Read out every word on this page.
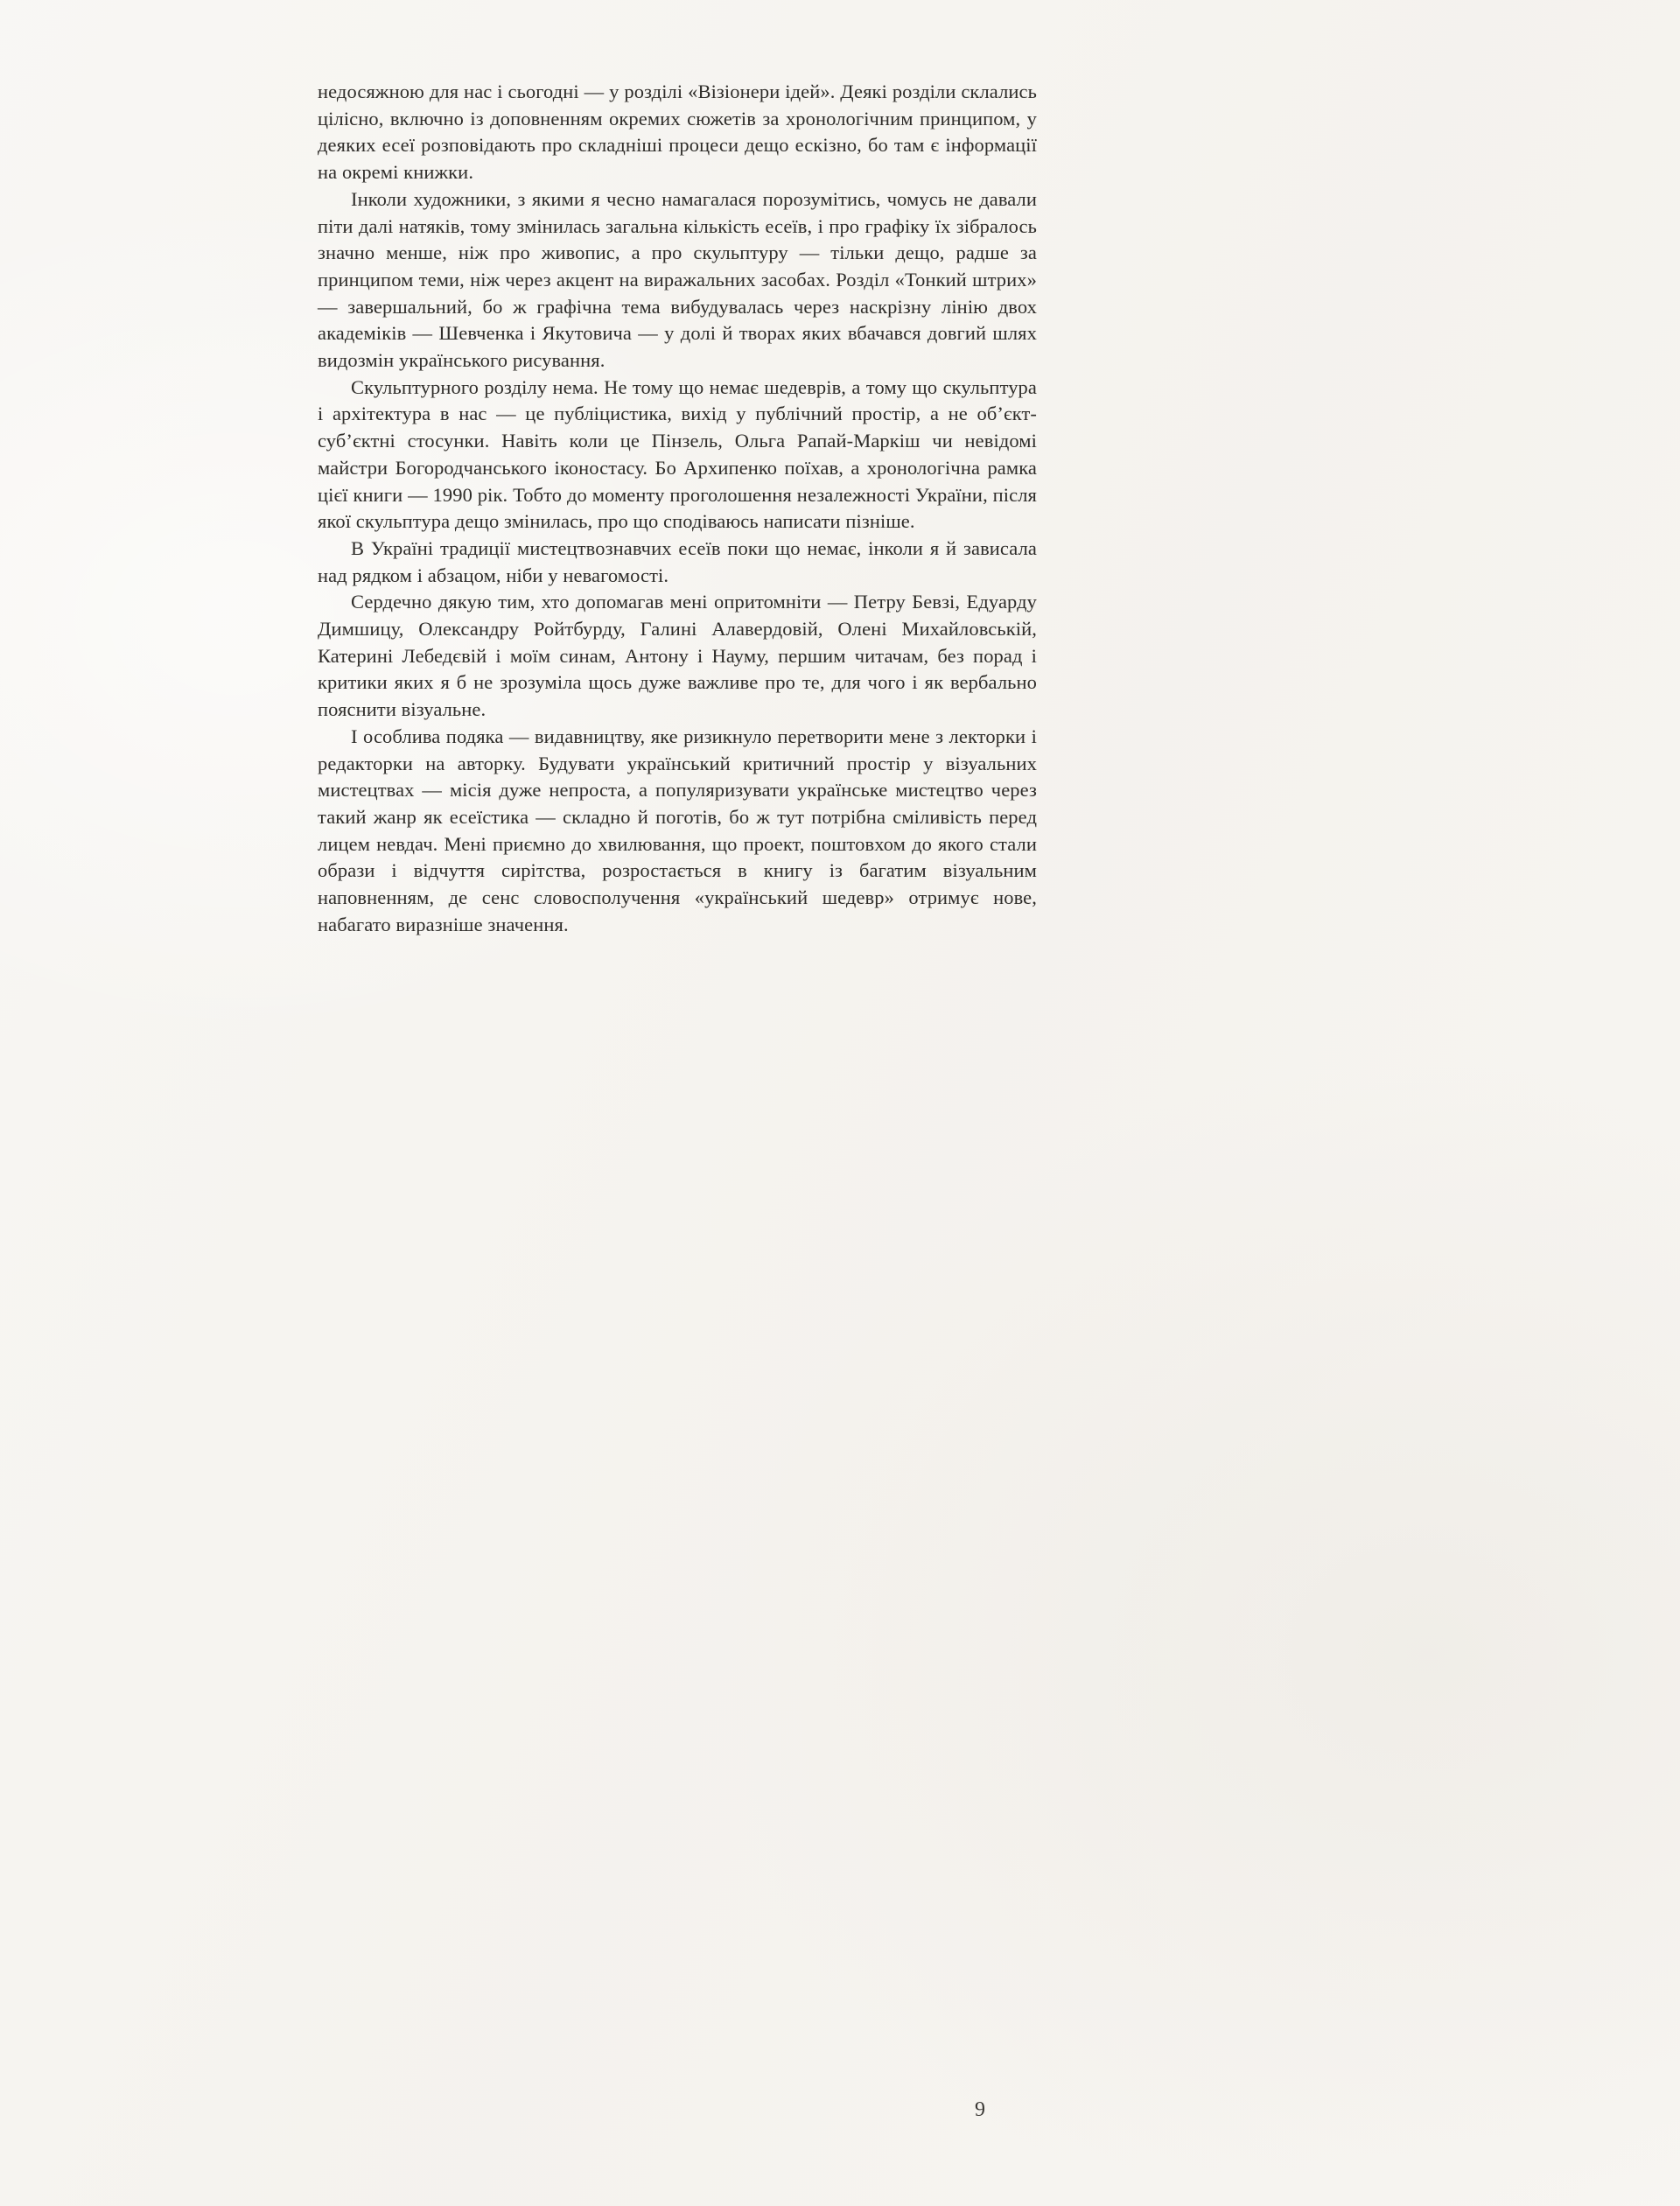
недосяжною для нас і сьогодні — у розділі «Візіонери ідей». Деякі розділи склались цілісно, включно із доповненням окремих сюжетів за хронологічним принципом, у деяких есеї розповідають про складніші процеси дещо ескізно, бо там є інформації на окремі книжки.

Інколи художники, з якими я чесно намагалася порозумітись, чомусь не давали піти далі натяків, тому змінилась загальна кількість есеїв, і про графіку їх зібралось значно менше, ніж про живопис, а про скульптуру — тільки дещо, радше за принципом теми, ніж через акцент на виражальних засобах. Розділ «Тонкий штрих» — завершальний, бо ж графічна тема вибудувалась через наскрізну лінію двох академіків — Шевченка і Якутовича — у долі й творах яких вбачався довгий шлях видозмін українського рисування.

Скульптурного розділу нема. Не тому що немає шедеврів, а тому що скульптура і архітектура в нас — це публіцистика, вихід у публічний простір, а не об’єкт-суб’єктні стосунки. Навіть коли це Пінзель, Ольга Рапай-Маркіш чи невідомі майстри Богородчанського іконостасу. Бо Архипенко поїхав, а хронологічна рамка цієї книги — 1990 рік. Тобто до моменту проголошення незалежності України, після якої скульптура дещо змінилась, про що сподіваюсь написати пізніше.

В Україні традиції мистецтвознавчих есеїв поки що немає, інколи я й зависала над рядком і абзацом, ніби у невагомості.

Сердечно дякую тим, хто допомагав мені опритомніти — Петру Бевзі, Едуарду Димшицу, Олександру Ройтбурду, Галині Алавердовій, Олені Михайловській, Катерині Лебедєвій і моїм синам, Антону і Науму, першим читачам, без порад і критики яких я б не зрозуміла щось дуже важливе про те, для чого і як вербально пояснити візуальне.

І особлива подяка — видавництву, яке ризикнуло перетворити мене з лекторки і редакторки на авторку. Будувати український критичний простір у візуальних мистецтвах — місія дуже непроста, а популяризувати українське мистецтво через такий жанр як есеїстика — складно й поготів, бо ж тут потрібна сміливість перед лицем невдач. Мені приємно до хвилювання, що проект, поштовхом до якого стали образи і відчуття сирітства, розростається в книгу із багатим візуальним наповненням, де сенс словосполучення «український шедевр» отримує нове, набагато виразніше значення.

9
